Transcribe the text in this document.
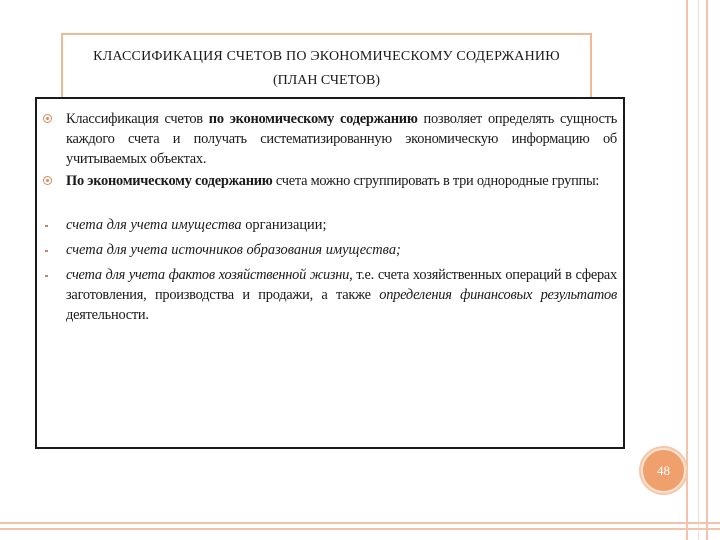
КЛАССИФИКАЦИЯ СЧЕТОВ ПО ЭКОНОМИЧЕСКОМУ СОДЕРЖАНИЮ
(ПЛАН СЧЕТОВ)
Классификация счетов по экономическому содержанию позволяет определять сущность каждого счета и получать систематизированную экономическую информацию об учитываемых объектах.
По экономическому содержанию счета можно сгруппировать в три однородные группы:
счета для учета имущества организации;
счета для учета источников образования имущества;
счета для учета фактов хозяйственной жизни, т.е. счета хозяйственных операций в сферах заготовления, производства и продажи, а также определения финансовых результатов деятельности.
48
